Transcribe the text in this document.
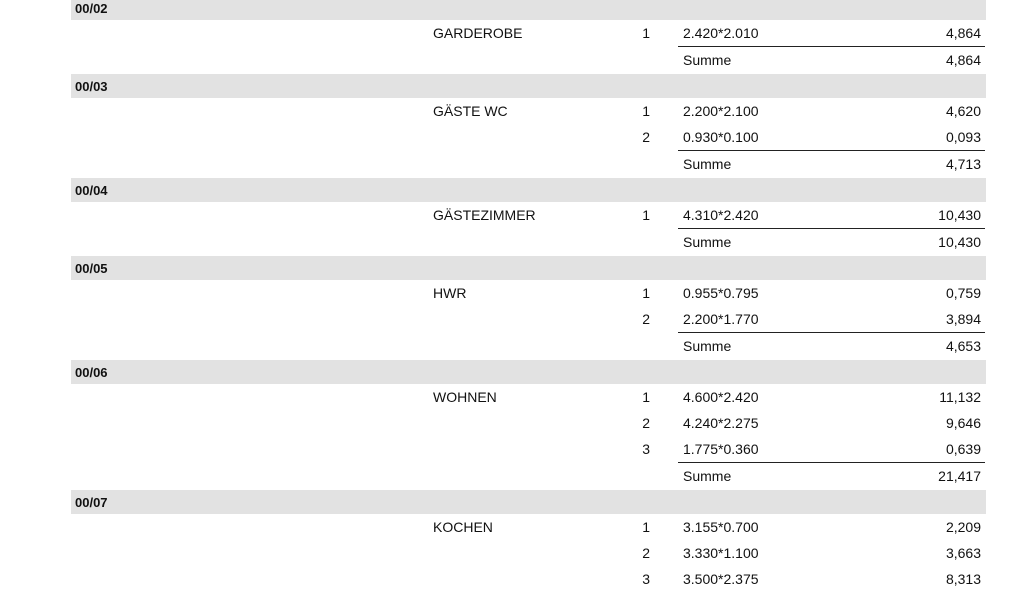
00/02
GARDEROBE	1 2.420*2.010	4,864
Summe	4,864
00/03
GÄSTE WC	1 2.200*2.100	4,620
2 0.930*0.100	0,093
Summe	4,713
00/04
GÄSTEZIMMER	1 4.310*2.420	10,430
Summe	10,430
00/05
HWR	1 0.955*0.795	0,759
2 2.200*1.770	3,894
Summe	4,653
00/06
WOHNEN	1 4.600*2.420	11,132
2 4.240*2.275	9,646
3 1.775*0.360	0,639
Summe	21,417
00/07
KOCHEN	1 3.155*0.700	2,209
2 3.330*1.100	3,663
3 3.500*2.375	8,313
